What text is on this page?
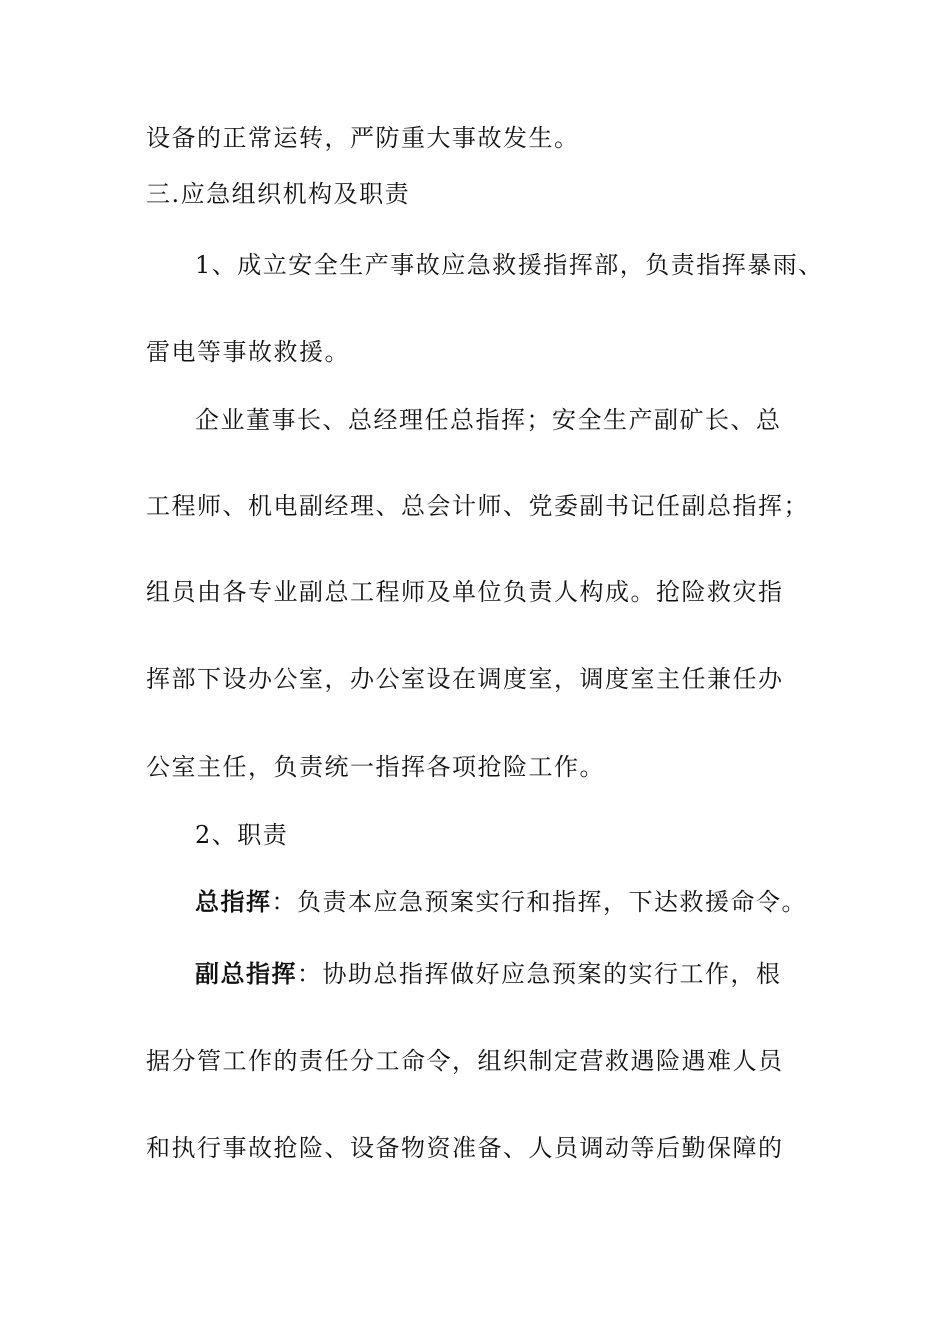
设备的正常运转，严防重大事故发生。
三.应急组织机构及职责
1、成立安全生产事故应急救援指挥部，负责指挥暴雨、
雷电等事故救援。
企业董事长、总经理任总指挥；安全生产副矿长、总
工程师、机电副经理、总会计师、党委副书记任副总指挥；
组员由各专业副总工程师及单位负责人构成。抢险救灾指
挥部下设办公室，办公室设在调度室，调度室主任兼任办
公室主任，负责统一指挥各项抢险工作。
2、职责
总指挥：负责本应急预案实行和指挥，下达救援命令。
副总指挥：协助总指挥做好应急预案的实行工作，根
据分管工作的责任分工命令，组织制定营救遇险遇难人员
和执行事故抢险、设备物资准备、人员调动等后勤保障的
